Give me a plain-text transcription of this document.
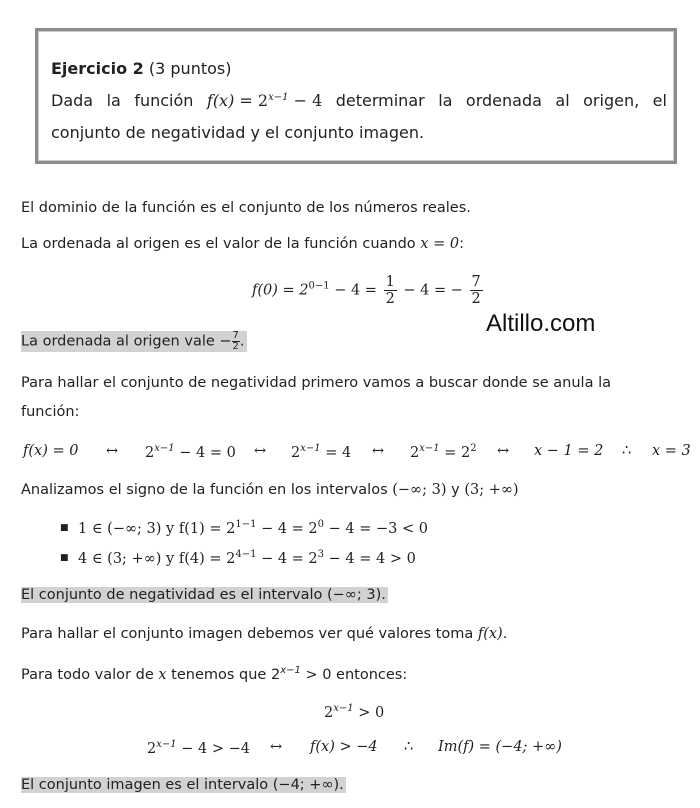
Ejercicio 2 (3 puntos)
Dada la función $f(x) = 2^{x-1} - 4$ determinar la ordenada al origen, el
conjunto de negatividad y el conjunto imagen.
El dominio de la función es el conjunto de los números reales.
La ordenada al origen es el valor de la función cuando x = 0:
$f(0) = 2^{0-1} - 4 = \frac{1}{2} - 4$ = − $\frac{7}{2}$
Altillo.com
La ordenada al origen vale − $\frac{7}{2}$ .
Para hallar el conjunto de negatividad primero vamos a buscar donde se anula la
función:
f(x) = 0 ↔ $2^{x-1} - 4 = 0$ ↔ $2^{x-1} = 4$ ↔ $2^{x-1} = 2^2$ ↔ x − 1 = 2 ∴ x = 3
Analizamos el signo de la función en los intervalos (−∞; 3) y (3; +∞)
■ 1 ∈ (−∞; 3) y $f(1) = 2^{1-1} - 4 = 2^0 - 4 = -3 < 0$
■ 4 ∈ (3; +∞) y $f(4) = 2^{4-1} - 4 = 2^3 - 4 = 4 > 0$
El conjunto de negatividad es el intervalo (−∞; 3).
Para hallar el conjunto imagen debemos ver qué valores toma f(x).
Para todo valor de x tenemos que $2^{x-1} > 0$ entonces:
$2^{x-1} > 0$
$2^{x-1} - 4 > -4$ ↔ f(x) > −4 ∴ Im(f) = (−4; +∞)
El conjunto imagen es el intervalo (−4; +∞).
